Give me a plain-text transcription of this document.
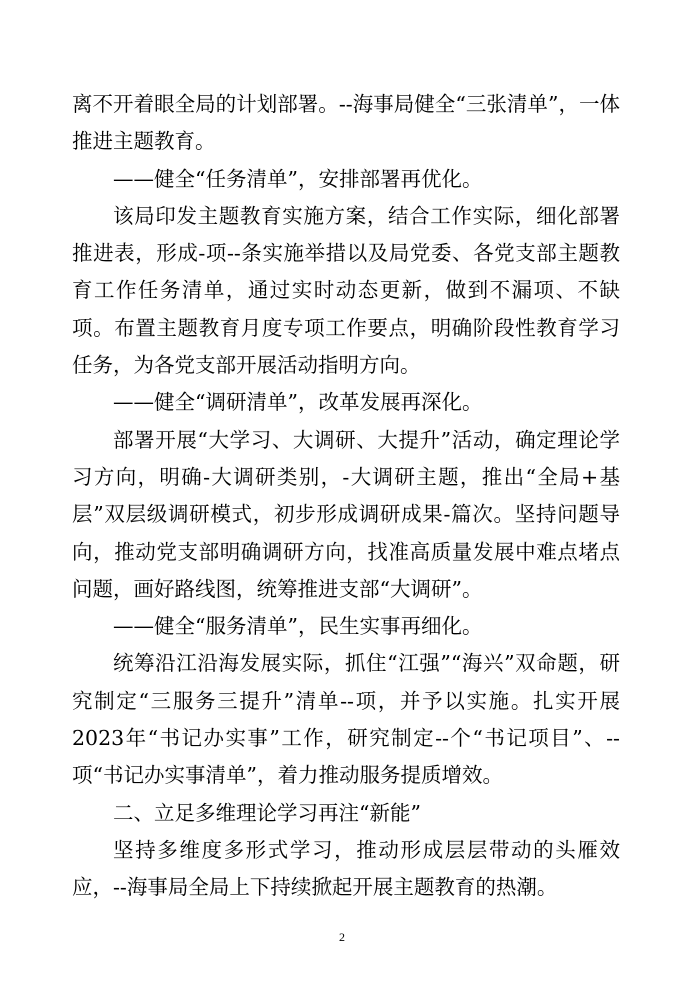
离不开着眼全局的计划部署。--海事局健全“三张清单”，一体推进主题教育。

——健全“任务清单”，安排部署再优化。

该局印发主题教育实施方案，结合工作实际，细化部署推进表，形成-项--条实施举措以及局党委、各党支部主题教育工作任务清单，通过实时动态更新，做到不漏项、不缺项。布置主题教育月度专项工作要点，明确阶段性教育学习任务，为各党支部开展活动指明方向。

——健全“调研清单”，改革发展再深化。

部署开展“大学习、大调研、大提升”活动，确定理论学习方向，明确-大调研类别，-大调研主题，推出“全局+基层”双层级调研模式，初步形成调研成果-篇次。坚持问题导向，推动党支部明确调研方向，找准高质量发展中难点堵点问题，画好路线图，统筹推进支部“大调研”。

——健全“服务清单”，民生实事再细化。

统筹沿江沿海发展实际，抓住“江强”“海兴”双命题，研究制定“三服务三提升”清单--项，并予以实施。扎实开展2023年“书记办实事”工作，研究制定--个“书记项目”、--项“书记办实事清单”，着力推动服务提质增效。

二、立足多维理论学习再注“新能”

坚持多维度多形式学习，推动形成层层带动的头雁效应，--海事局全局上下持续掀起开展主题教育的热潮。

2
